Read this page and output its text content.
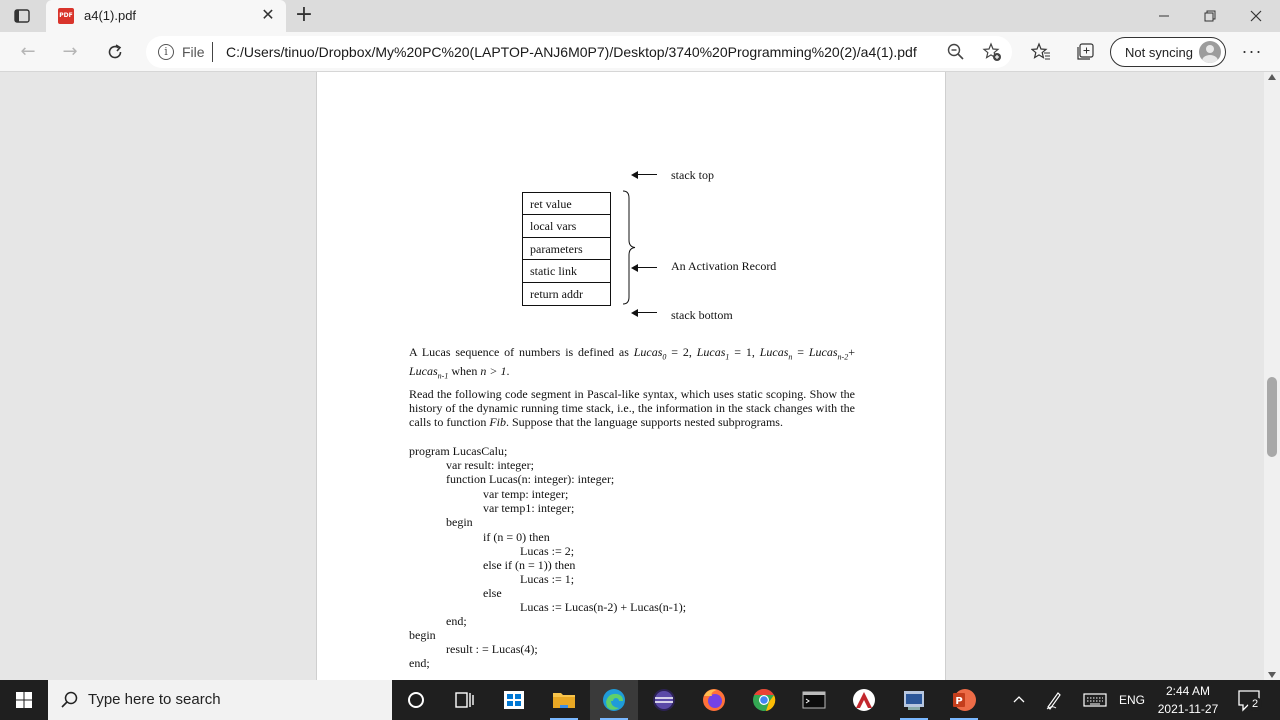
PDF a4(1).pdf	✕ +
←	→	i	File C:/Users/tinuo/Dropbox/My%20PC%20(LAPTOP-ANJ6M0P7)/Desktop/3740%20Programming%20(2)/a4(1).pdf	Not syncing	···
stack top
ret value
local vars
parameters
static link
return addr
An Activation Record
stack bottom
A Lucas sequence of numbers is defined as Lucas$_0$ = 2, Lucas$_1$ = 1, Lucas$_n$ = Lucas$_{n-2}$+ Lucas$_{n-1}$ when n > 1.
Read the following code segment in Pascal-like syntax, which uses static scoping. Show the history of the dynamic running time stack, i.e., the information in the stack changes with the calls to function Fib. Suppose that the language supports nested subprograms.
program LucasCalu;
var result: integer;
function Lucas(n: integer): integer;
var temp: integer;
var temp1: integer;
begin
if (n = 0) then
Lucas := 2;
else if (n = 1)) then
Lucas := 1;
else
Lucas := Lucas(n-2) + Lucas(n-1);
end;
begin
result : = Lucas(4);
end;
Type here to search	P	ENG
2:44 AM
2021-11-27	2
